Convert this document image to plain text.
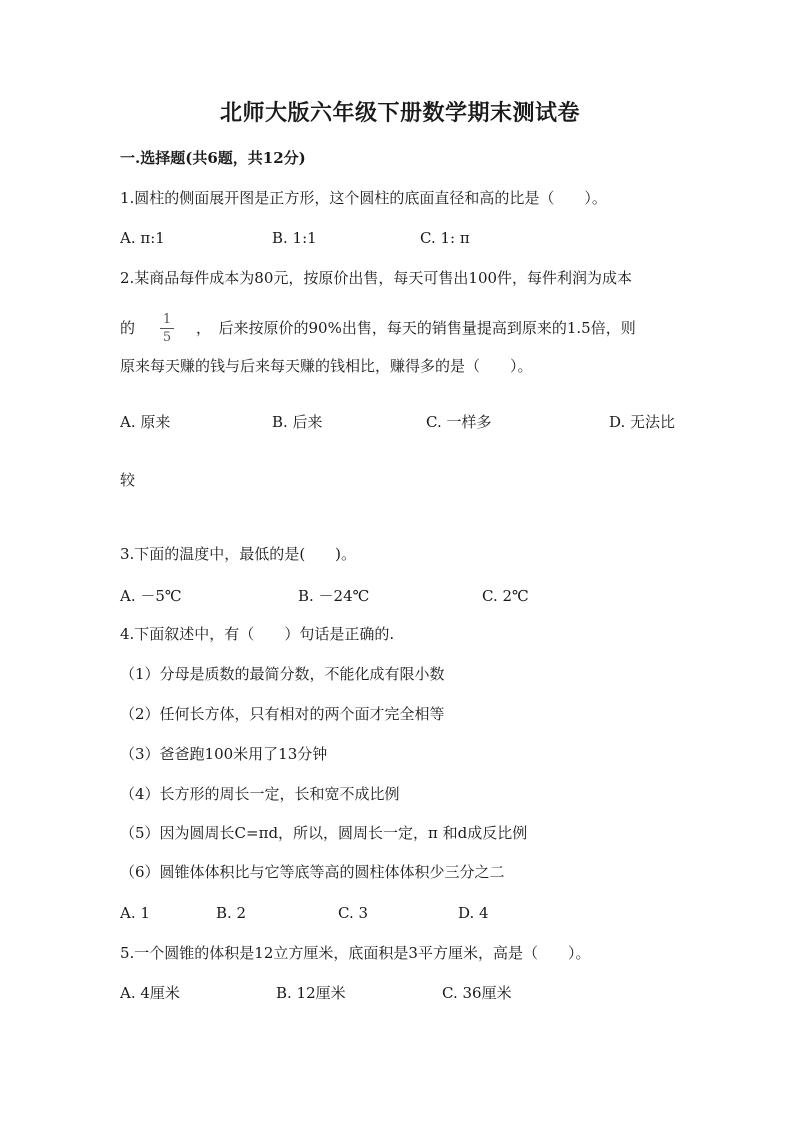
北师大版六年级下册数学期末测试卷
一.选择题(共6题，共12分)
1.圆柱的侧面展开图是正方形，这个圆柱的底面直径和高的比是（　　）。
A. π:1	B. 1:1	C. 1: π
2.某商品每件成本为80元，按原价出售，每天可售出100件，每件利润为成本
的 1
5
，　后来按原价的90%出售，每天的销售量提高到原来的1.5倍，则
原来每天赚的钱与后来每天赚的钱相比，赚得多的是（　　）。
A. 原来	B. 后来	C. 一样多	D. 无法比
较
3.下面的温度中，最低的是(　　)。
A. －5℃	B. －24℃	C. 2℃
4.下面叙述中，有（　　）句话是正确的.
（1）分母是质数的最简分数，不能化成有限小数
（2）任何长方体，只有相对的两个面才完全相等
（3）爸爸跑100米用了13分钟
（4）长方形的周长一定，长和宽不成比例
（5）因为圆周长C=πd，所以，圆周长一定，π 和d成反比例
（6）圆锥体体积比与它等底等高的圆柱体体积少三分之二
A. 1	B. 2	C. 3	D. 4
5.一个圆锥的体积是12立方厘米，底面积是3平方厘米，高是（　　）。
A. 4厘米	B. 12厘米	C. 36厘米
